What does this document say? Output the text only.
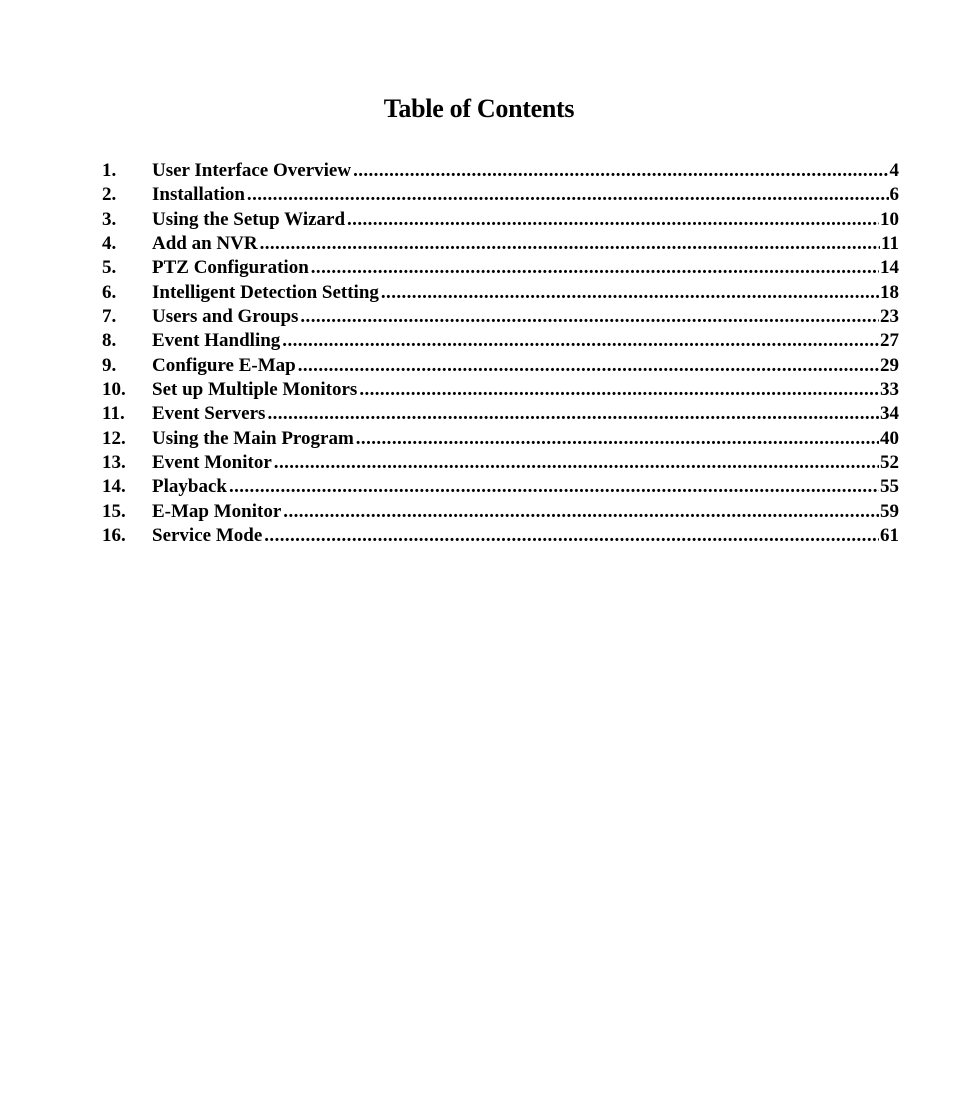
Table of Contents
1.	User Interface Overview .....	4
2.	Installation .....	6
3.	Using the Setup Wizard .....	10
4.	Add an NVR .....	11
5.	PTZ Configuration .....	14
6.	Intelligent Detection Setting .....	18
7.	Users and Groups .....	23
8.	Event Handling .....	27
9.	Configure E-Map .....	29
10.	Set up Multiple Monitors .....	33
11.	Event Servers .....	34
12.	Using the Main Program .....	40
13.	Event Monitor .....	52
14.	Playback .....	55
15.	E-Map Monitor .....	59
16.	Service Mode .....	61
